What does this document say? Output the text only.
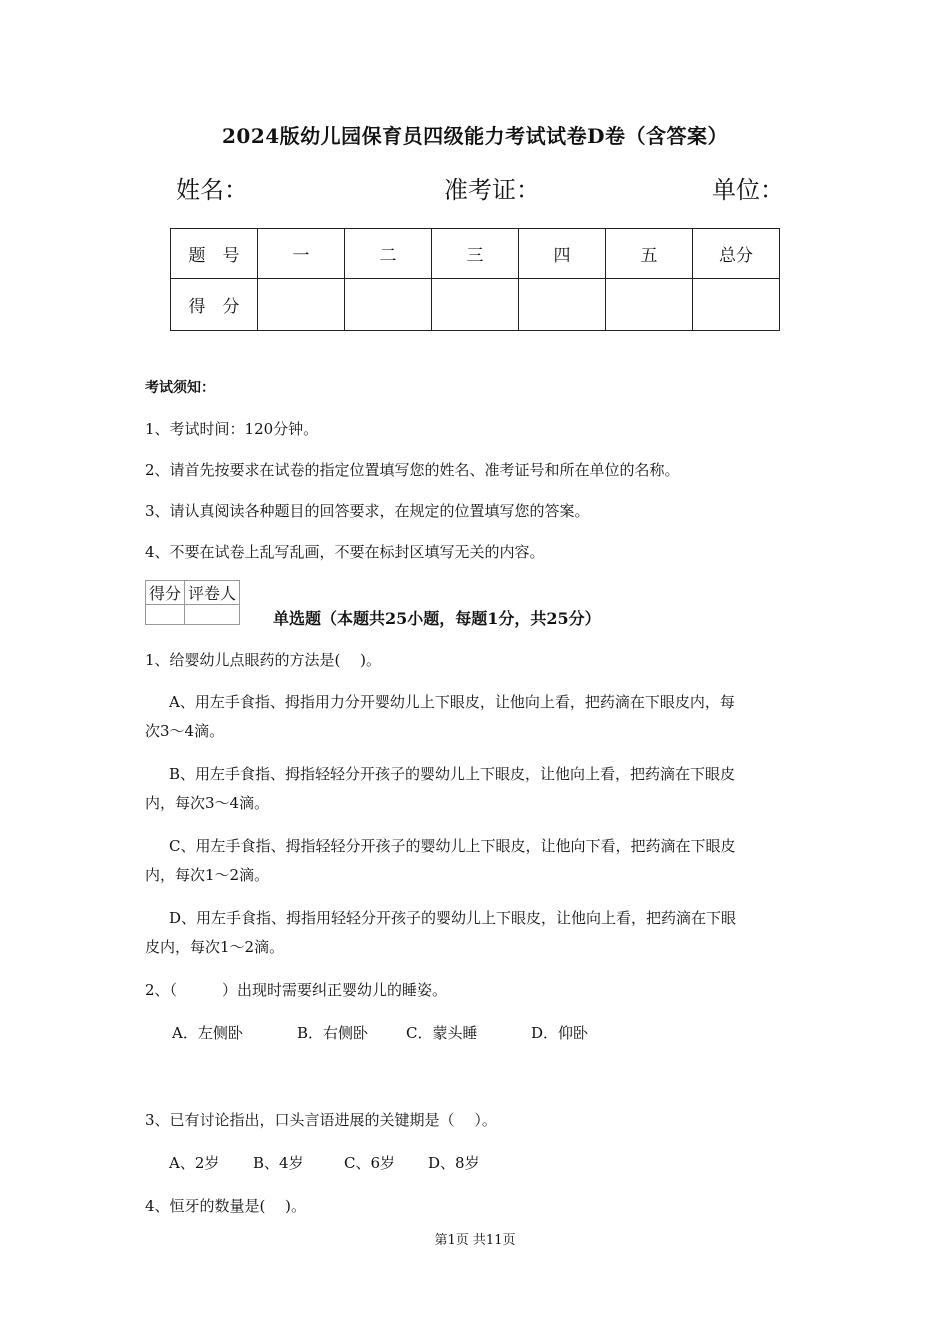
2024版幼儿园保育员四级能力考试试卷D卷（含答案）
姓名：	准考证：	单位：
题　号	一	二	三	四	五	总分
得　分						
考试须知：
1、考试时间：120分钟。
2、请首先按要求在试卷的指定位置填写您的姓名、准考证号和所在单位的名称。
3、请认真阅读各种题目的回答要求，在规定的位置填写您的答案。
4、不要在试卷上乱写乱画，不要在标封区填写无关的内容。
得分	评卷人

单选题（本题共25小题，每题1分，共25分）
1、给婴幼儿点眼药的方法是(　 )。
A、用左手食指、拇指用力分开婴幼儿上下眼皮，让他向上看，把药滴在下眼皮内，每
次3～4滴。
B、用左手食指、拇指轻轻分开孩子的婴幼儿上下眼皮，让他向上看，把药滴在下眼皮
内，每次3～4滴。
C、用左手食指、拇指轻轻分开孩子的婴幼儿上下眼皮，让他向下看，把药滴在下眼皮
内，每次1～2滴。
D、用左手食指、拇指用轻轻分开孩子的婴幼儿上下眼皮，让他向上看，把药滴在下眼
皮内，每次1～2滴。
2、（　　　）出现时需要纠正婴幼儿的睡姿。
A．左侧卧	B．右侧卧	C．蒙头睡	D．仰卧
3、已有讨论指出，口头言语进展的关键期是（　 ）。
A、2岁 B、4岁	C、6岁 D、8岁
4、恒牙的数量是(　 )。
第1页 共11页
